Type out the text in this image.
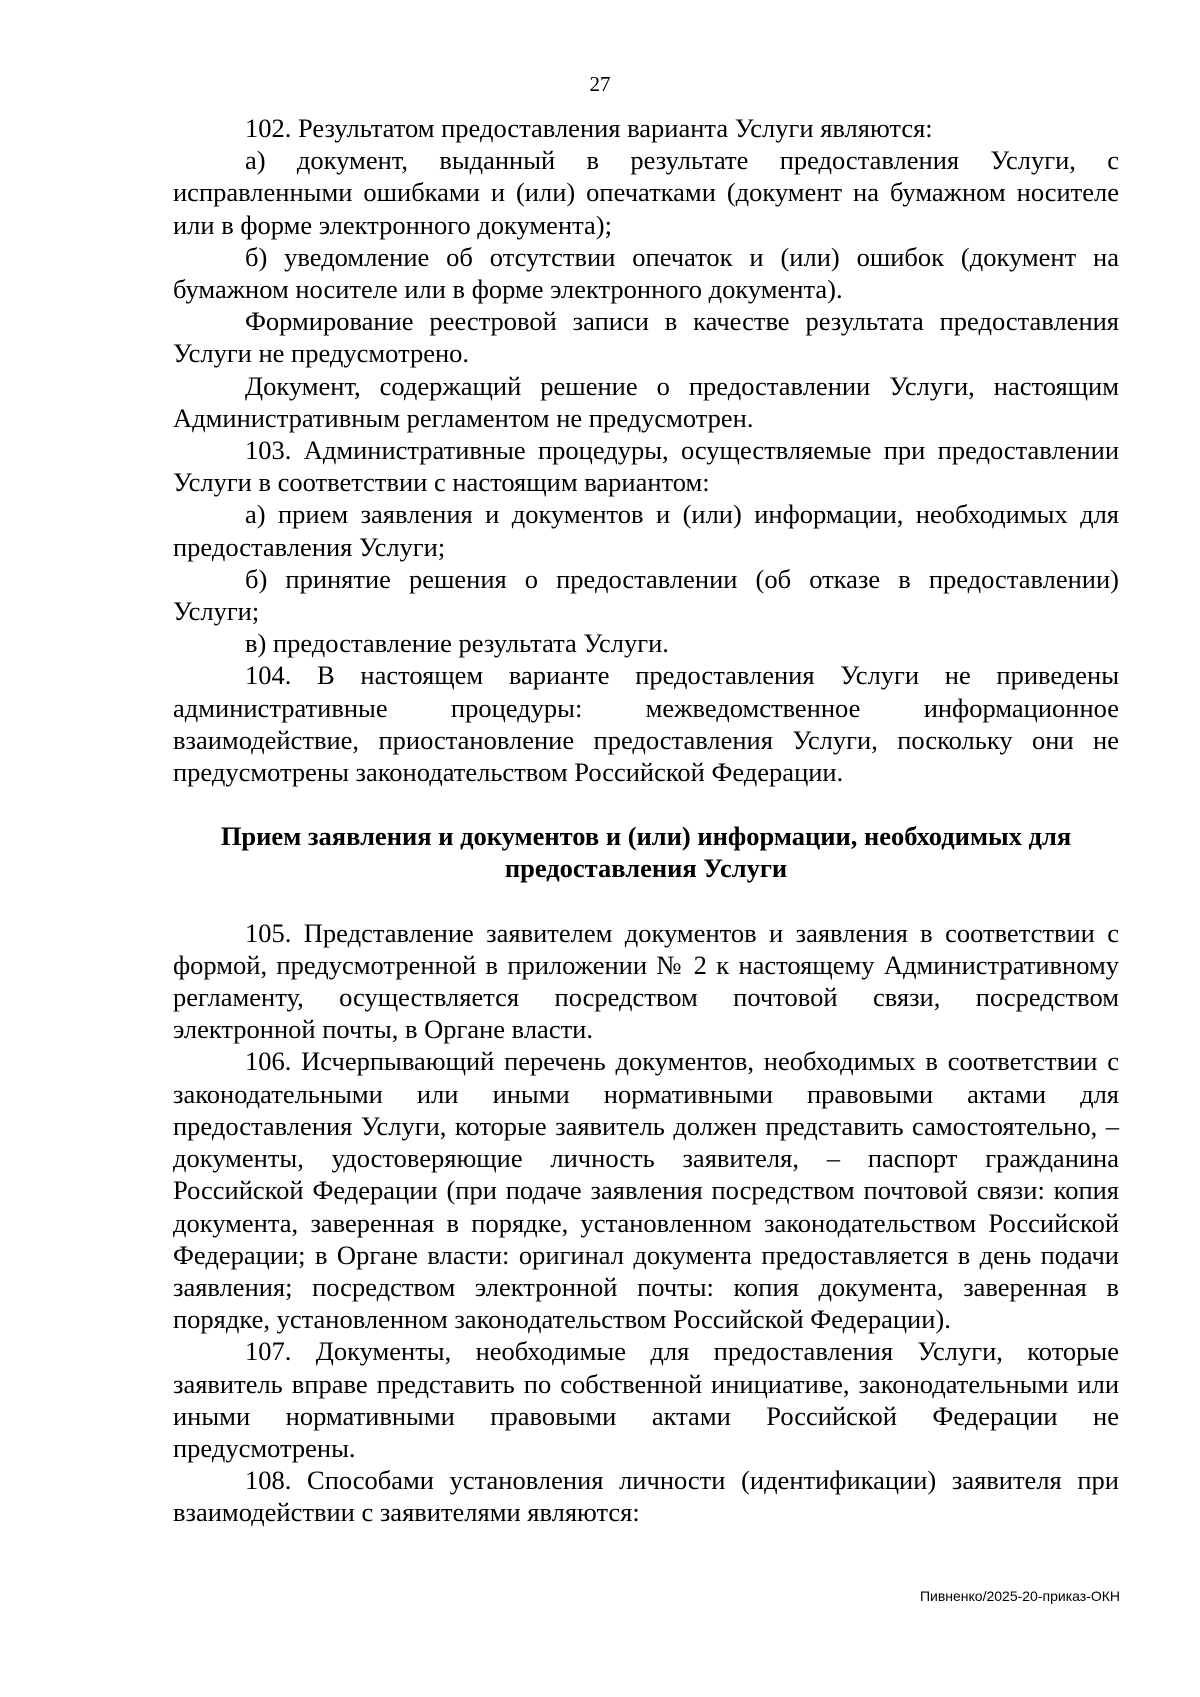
27

102. Результатом предоставления варианта Услуги являются:

а) документ, выданный в результате предоставления Услуги, с исправленными ошибками и (или) опечатками (документ на бумажном носителе или в форме электронного документа);

б) уведомление об отсутствии опечаток и (или) ошибок (документ на бумажном носителе или в форме электронного документа).

Формирование реестровой записи в качестве результата предоставления Услуги не предусмотрено.

Документ, содержащий решение о предоставлении Услуги, настоящим Административным регламентом не предусмотрен.

103. Административные процедуры, осуществляемые при предоставлении Услуги в соответствии с настоящим вариантом:

а) прием заявления и документов и (или) информации, необходимых для предоставления Услуги;

б) принятие решения о предоставлении (об отказе в предоставлении) Услуги;

в) предоставление результата Услуги.

104. В настоящем варианте предоставления Услуги не приведены административные процедуры: межведомственное информационное взаимодействие, приостановление предоставления Услуги, поскольку они не предусмотрены законодательством Российской Федерации.

Прием заявления и документов и (или) информации, необходимых для предоставления Услуги

105. Представление заявителем документов и заявления в соответствии с формой, предусмотренной в приложении № 2 к настоящему Административному регламенту, осуществляется посредством почтовой связи, посредством электронной почты, в Органе власти.

106. Исчерпывающий перечень документов, необходимых в соответствии с законодательными или иными нормативными правовыми актами для предоставления Услуги, которые заявитель должен представить самостоятельно, – документы, удостоверяющие личность заявителя, – паспорт гражданина Российской Федерации (при подаче заявления посредством почтовой связи: копия документа, заверенная в порядке, установленном законодательством Российской Федерации; в Органе власти: оригинал документа предоставляется в день подачи заявления; посредством электронной почты: копия документа, заверенная в порядке, установленном законодательством Российской Федерации).

107. Документы, необходимые для предоставления Услуги, которые заявитель вправе представить по собственной инициативе, законодательными или иными нормативными правовыми актами Российской Федерации не предусмотрены.

108. Способами установления личности (идентификации) заявителя при взаимодействии с заявителями являются:

Пивненко/2025-20-приказ-ОКН
